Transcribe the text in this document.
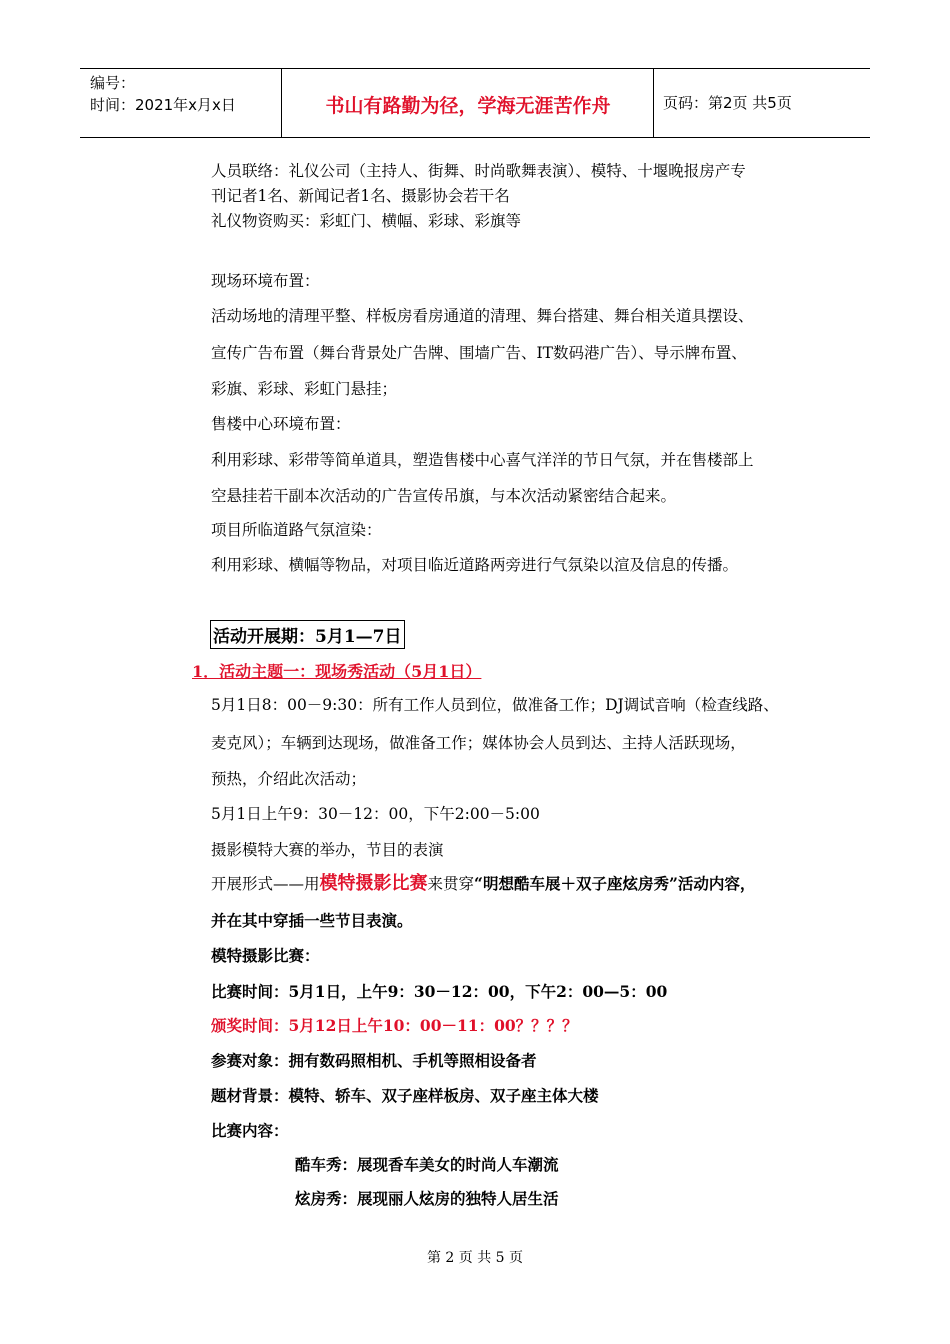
编号：
时间：2021年x月x日	书山有路勤为径，学海无涯苦作舟	页码：第2页 共5页
人员联络：礼仪公司（主持人、街舞、时尚歌舞表演）、模特、十堰晚报房产专
刊记者1名、新闻记者1名、摄影协会若干名
礼仪物资购买：彩虹门、横幅、彩球、彩旗等
现场环境布置：
活动场地的清理平整、样板房看房通道的清理、舞台搭建、舞台相关道具摆设、
宣传广告布置（舞台背景处广告牌、围墙广告、IT数码港广告）、导示牌布置、
彩旗、彩球、彩虹门悬挂；
售楼中心环境布置：
利用彩球、彩带等简单道具，塑造售楼中心喜气洋洋的节日气氛，并在售楼部上
空悬挂若干副本次活动的广告宣传吊旗，与本次活动紧密结合起来。
项目所临道路气氛渲染：
利用彩球、横幅等物品，对项目临近道路两旁进行气氛染以渲及信息的传播。
活动开展期：5月1—7日
1．活动主题一：现场秀活动（5月1日）
5月1日8：00－9:30：所有工作人员到位，做准备工作；DJ调试音响（检查线路、
麦克风）；车辆到达现场，做准备工作；媒体协会人员到达、主持人活跃现场，
预热，介绍此次活动；
5月1日上午9：30－12：00，下午2:00－5:00
摄影模特大赛的举办，节目的表演
开展形式——用模特摄影比赛来贯穿“明想酷车展＋双子座炫房秀”活动内容，
并在其中穿插一些节目表演。
模特摄影比赛：
比赛时间：5月1日，上午9：30－12：00，下午2：00—5：00
颁奖时间：5月12日上午10：00－11：00？？？？
参赛对象：拥有数码照相机、手机等照相设备者
题材背景：模特、轿车、双子座样板房、双子座主体大楼
比赛内容：
酷车秀：展现香车美女的时尚人车潮流
炫房秀：展现丽人炫房的独特人居生活
第 2 页 共 5 页
